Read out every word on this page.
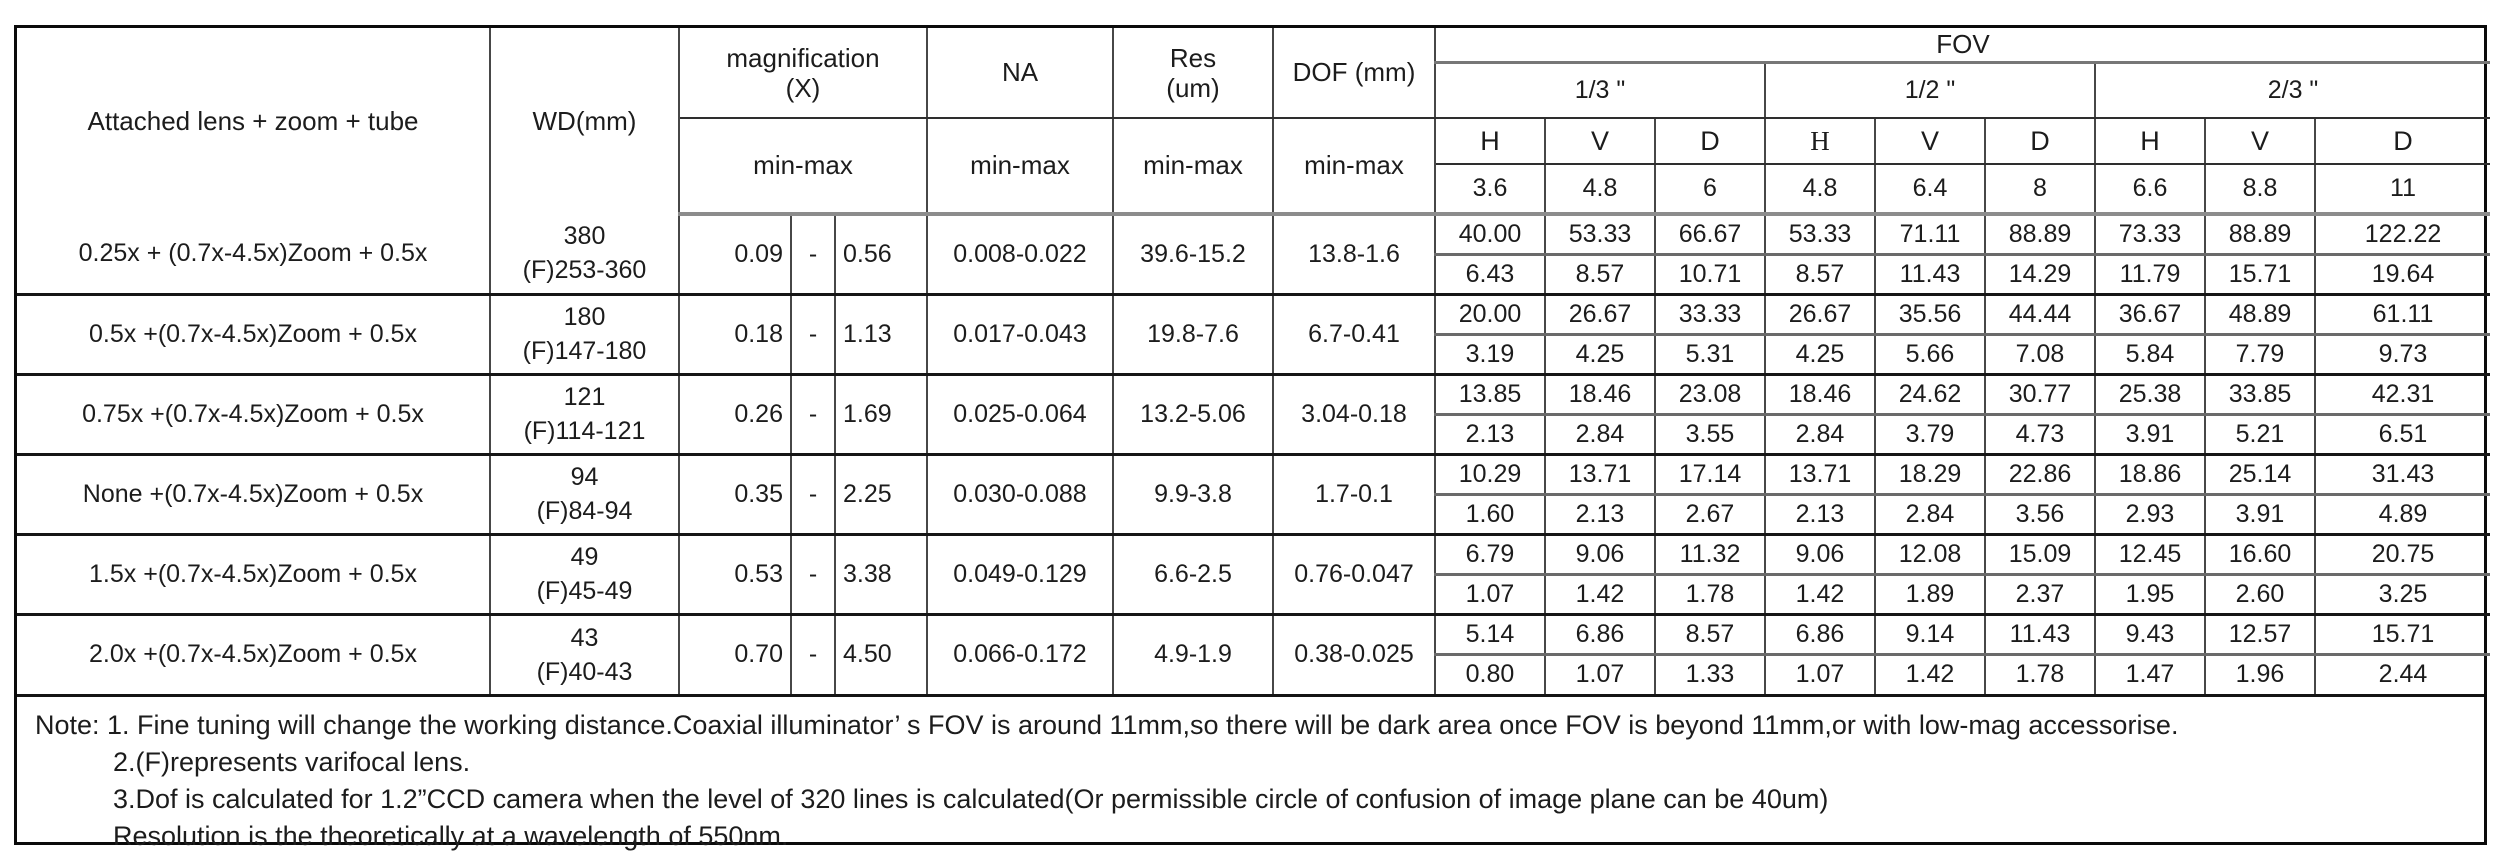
Attached lens + zoom + tube	WD(mm)	
magnification
(X)
	NA	Res
(um)
	DOF (mm)	FOV
								1/3 "			1/2 "			2/3 "		
		min-max			min-max	min-max	min-max	H	V	D	H	V	D	H	V	D
								3.6	4.8	6	4.8	6.4	8	6.6	8.8	11
0.25x + (0.7x-4.5x)Zoom + 0.5x	380
(F)253-360	0.09	-	0.56	0.008-0.022	39.6-15.2	13.8-1.6	40.00	53.33	66.67	53.33	71.11	88.89	73.33	88.89	122.22
								6.43	8.57	10.71	8.57	11.43	14.29	11.79	15.71	19.64
0.5x +(0.7x-4.5x)Zoom + 0.5x	180
(F)147-180	0.18	-	1.13	0.017-0.043	19.8-7.6	6.7-0.41	20.00	26.67	33.33	26.67	35.56	44.44	36.67	48.89	61.11
								3.19	4.25	5.31	4.25	5.66	7.08	5.84	7.79	9.73
0.75x +(0.7x-4.5x)Zoom + 0.5x	121
(F)114-121	0.26	-	1.69	0.025-0.064	13.2-5.06	3.04-0.18	13.85	18.46	23.08	18.46	24.62	30.77	25.38	33.85	42.31
								2.13	2.84	3.55	2.84	3.79	4.73	3.91	5.21	6.51
None +(0.7x-4.5x)Zoom + 0.5x	94
(F)84-94	0.35	-	2.25	0.030-0.088	9.9-3.8	1.7-0.1	10.29	13.71	17.14	13.71	18.29	22.86	18.86	25.14	31.43
								1.60	2.13	2.67	2.13	2.84	3.56	2.93	3.91	4.89
1.5x +(0.7x-4.5x)Zoom + 0.5x	49
(F)45-49	0.53	-	3.38	0.049-0.129	6.6-2.5	0.76-0.047	6.79	9.06	11.32	9.06	12.08	15.09	12.45	16.60	20.75
								1.07	1.42	1.78	1.42	1.89	2.37	1.95	2.60	3.25
2.0x +(0.7x-4.5x)Zoom + 0.5x	43
(F)40-43	0.70	-	4.50	0.066-0.172	4.9-1.9	0.38-0.025	5.14	6.86	8.57	6.86	9.14	11.43	9.43	12.57	15.71
								0.80	1.07	1.33	1.07	1.42	1.78	1.47	1.96	2.44
Note: 1. Fine tuning will change the working distance.Coaxial illuminator’ s FOV is around 11mm,so there will be dark area once FOV is beyond 11mm,or with low-mag accessorise.
2.(F)represents varifocal lens.
3.Dof is calculated for 1.2”CCD camera when the level of 320 lines is calculated(Or permissible circle of confusion of image plane can be 40um)
Resolution is the theoretically at a wavelength of 550nm.
